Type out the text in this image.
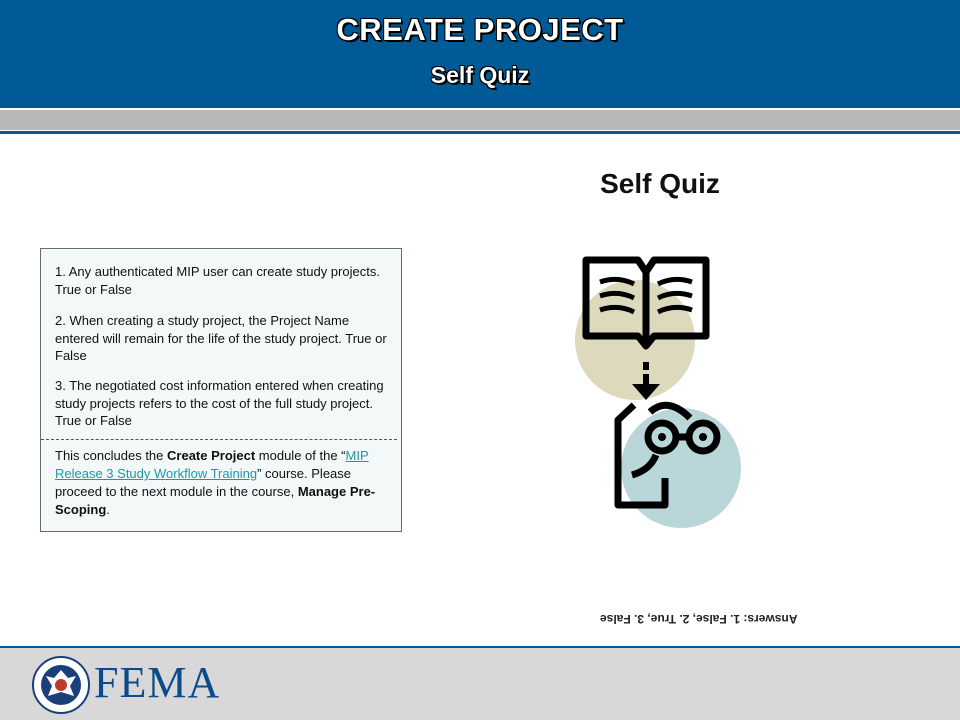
CREATE PROJECT
Self Quiz
Self Quiz
1. Any authenticated MIP user can create study projects. True or False
2. When creating a study project, the Project Name entered will remain for the life of the study project. True or False
3. The negotiated cost information entered when creating study projects refers to the cost of the full study project. True or False
This concludes the Create Project module of the “MIP Release 3 Study Workflow Training” course. Please proceed to the next module in the course, Manage Pre-Scoping.
Answers: 1. False, 2. True, 3. False
FEMA
